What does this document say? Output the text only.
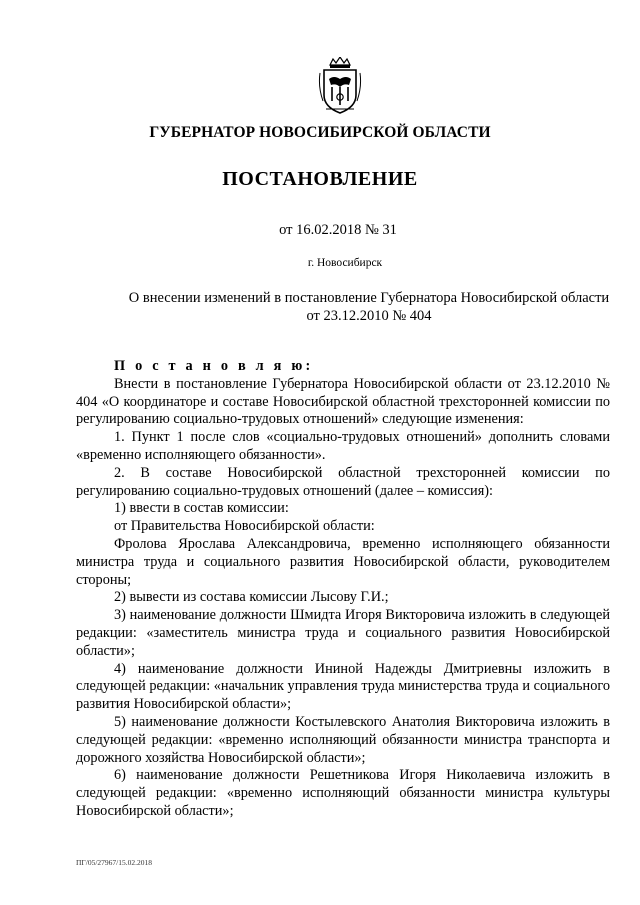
ГУБЕРНАТОР НОВОСИБИРСКОЙ ОБЛАСТИ
ПОСТАНОВЛЕНИЕ
от 16.02.2018 № 31
г. Новосибирск
О внесении изменений в постановление Губернатора Новосибирской области
от 23.12.2010 № 404

П о с т а н о в л я ю:

Внести в постановление Губернатора Новосибирской области от 23.12.2010 № 404 «О координаторе и составе Новосибирской областной трехсторонней комиссии по регулированию социально-трудовых отношений» следующие изменения:

1. Пункт 1 после слов «социально-трудовых отношений» дополнить словами «временно исполняющего обязанности».

2. В составе Новосибирской областной трехсторонней комиссии по регулированию социально-трудовых отношений (далее – комиссия):

1) ввести в состав комиссии:

от Правительства Новосибирской области:

Фролова Ярослава Александровича, временно исполняющего обязанности министра труда и социального развития Новосибирской области, руководителем стороны;

2) вывести из состава комиссии Лысову Г.И.;

3) наименование должности Шмидта Игоря Викторовича изложить в следующей редакции: «заместитель министра труда и социального развития Новосибирской области»;

4) наименование должности Ининой Надежды Дмитриевны изложить в следующей редакции: «начальник управления труда министерства труда и социального развития Новосибирской области»;

5) наименование должности Костылевского Анатолия Викторовича изложить в следующей редакции: «временно исполняющий обязанности министра транспорта и дорожного хозяйства Новосибирской области»;

6) наименование должности Решетникова Игоря Николаевича изложить в следующей редакции: «временно исполняющий обязанности министра культуры Новосибирской области»;

ПГ/05/27967/15.02.2018
